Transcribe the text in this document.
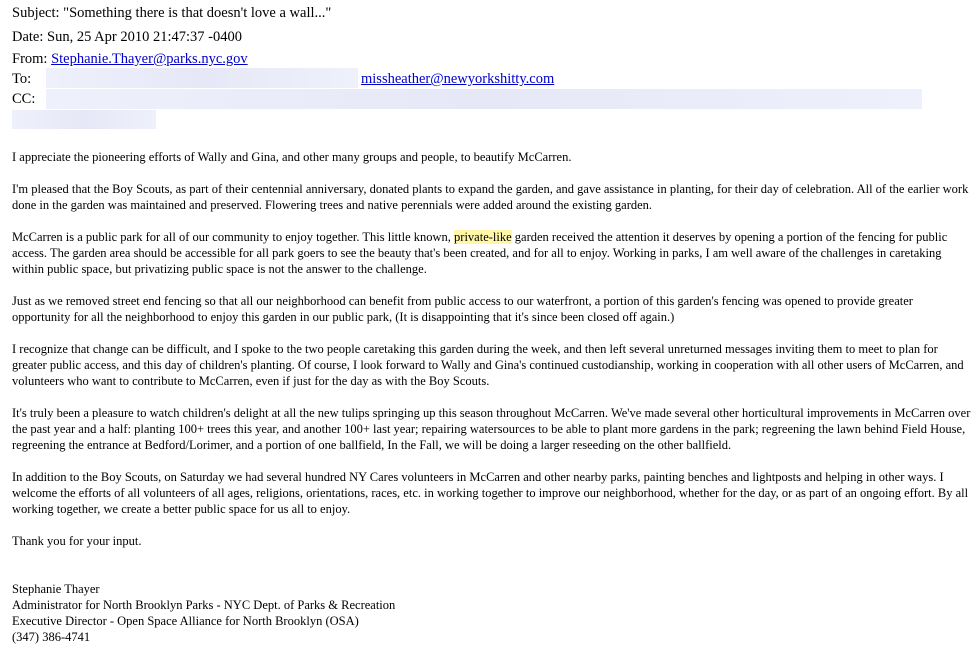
Subject: "Something there is that doesn't love a wall..."
Date: Sun, 25 Apr 2010 21:47:37 -0400
From: Stephanie.Thayer@parks.nyc.gov
To:	missheather@newyorkshitty.com
CC:

I appreciate the pioneering efforts of Wally and Gina, and other many groups and people, to beautify McCarren.

I'm pleased that the Boy Scouts, as part of their centennial anniversary, donated plants to expand the garden, and gave assistance in planting, for their day of celebration. All of the earlier work done in the garden was maintained and preserved. Flowering trees and native perennials were added around the existing garden.

McCarren is a public park for all of our community to enjoy together. This little known, private-like garden received the attention it deserves by opening a portion of the fencing for public access. The garden area should be accessible for all park goers to see the beauty that's been created, and for all to enjoy. Working in parks, I am well aware of the challenges in caretaking within public space, but privatizing public space is not the answer to the challenge.

Just as we removed street end fencing so that all our neighborhood can benefit from public access to our waterfront, a portion of this garden's fencing was opened to provide greater opportunity for all the neighborhood to enjoy this garden in our public park, (It is disappointing that it's since been closed off again.)

I recognize that change can be difficult, and I spoke to the two people caretaking this garden during the week, and then left several unreturned messages inviting them to meet to plan for greater public access, and this day of children's planting. Of course, I look forward to Wally and Gina's continued custodianship, working in cooperation with all other users of McCarren, and volunteers who want to contribute to McCarren, even if just for the day as with the Boy Scouts.

It's truly been a pleasure to watch children's delight at all the new tulips springing up this season throughout McCarren. We've made several other horticultural improvements in McCarren over the past year and a half: planting 100+ trees this year, and another 100+ last year; repairing watersources to be able to plant more gardens in the park; regreening the lawn behind Field House, regreening the entrance at Bedford/Lorimer, and a portion of one ballfield, In the Fall, we will be doing a larger reseeding on the other ballfield.

In addition to the Boy Scouts, on Saturday we had several hundred NY Cares volunteers in McCarren and other nearby parks, painting benches and lightposts and helping in other ways. I welcome the efforts of all volunteers of all ages, religions, orientations, races, etc. in working together to improve our neighborhood, whether for the day, or as part of an ongoing effort. By all working together, we create a better public space for us all to enjoy.

Thank you for your input.

Stephanie Thayer
Administrator for North Brooklyn Parks - NYC Dept. of Parks & Recreation
Executive Director - Open Space Alliance for North Brooklyn (OSA)
(347) 386-4741
